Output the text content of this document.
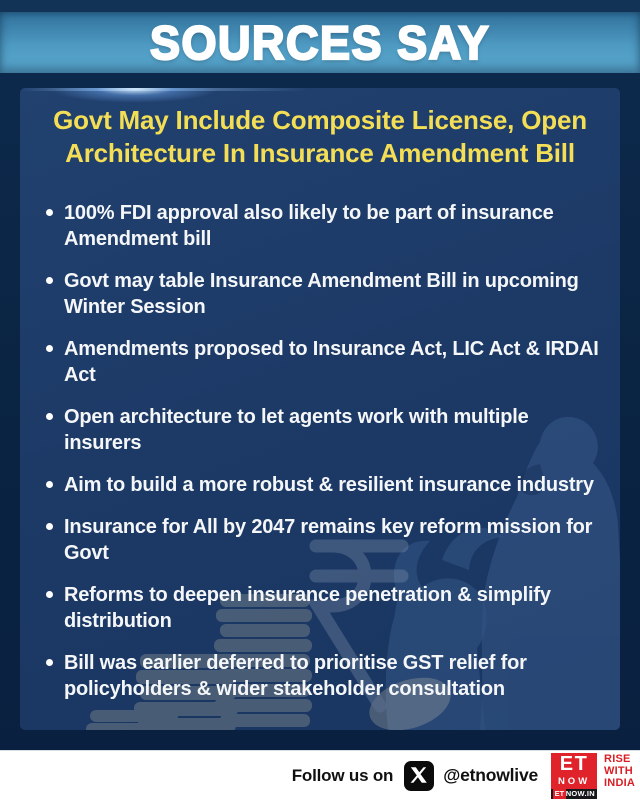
SOURCES SAY
Govt May Include Composite License, Open Architecture In Insurance Amendment Bill
100% FDI approval also likely to be part of insurance Amendment bill
Govt may table Insurance Amendment Bill in upcoming Winter Session
Amendments proposed to Insurance Act, LIC Act & IRDAI Act
Open architecture to let agents work with multiple insurers
Aim to build a more robust & resilient insurance industry
Insurance for All by 2047 remains key reform mission for Govt
Reforms to deepen insurance penetration & simplify distribution
Bill was earlier deferred to prioritise GST relief for policyholders & wider stakeholder consultation
Follow us on	@etnowlive ET
NOW
ET NOW.IN
RISE
WITH
INDIA
